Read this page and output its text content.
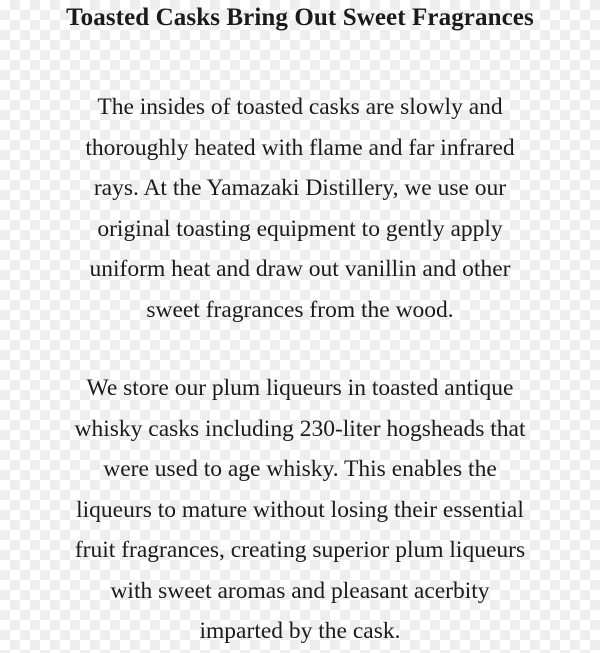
Toasted Casks Bring Out Sweet Fragrances

The insides of toasted casks are slowly and
thoroughly heated with flame and far infrared
rays. At the Yamazaki Distillery, we use our
original toasting equipment to gently apply
uniform heat and draw out vanillin and other
sweet fragrances from the wood.

We store our plum liqueurs in toasted antique
whisky casks including 230-liter hogsheads that
were used to age whisky. This enables the
liqueurs to mature without losing their essential
fruit fragrances, creating superior plum liqueurs
with sweet aromas and pleasant acerbity
imparted by the cask.
